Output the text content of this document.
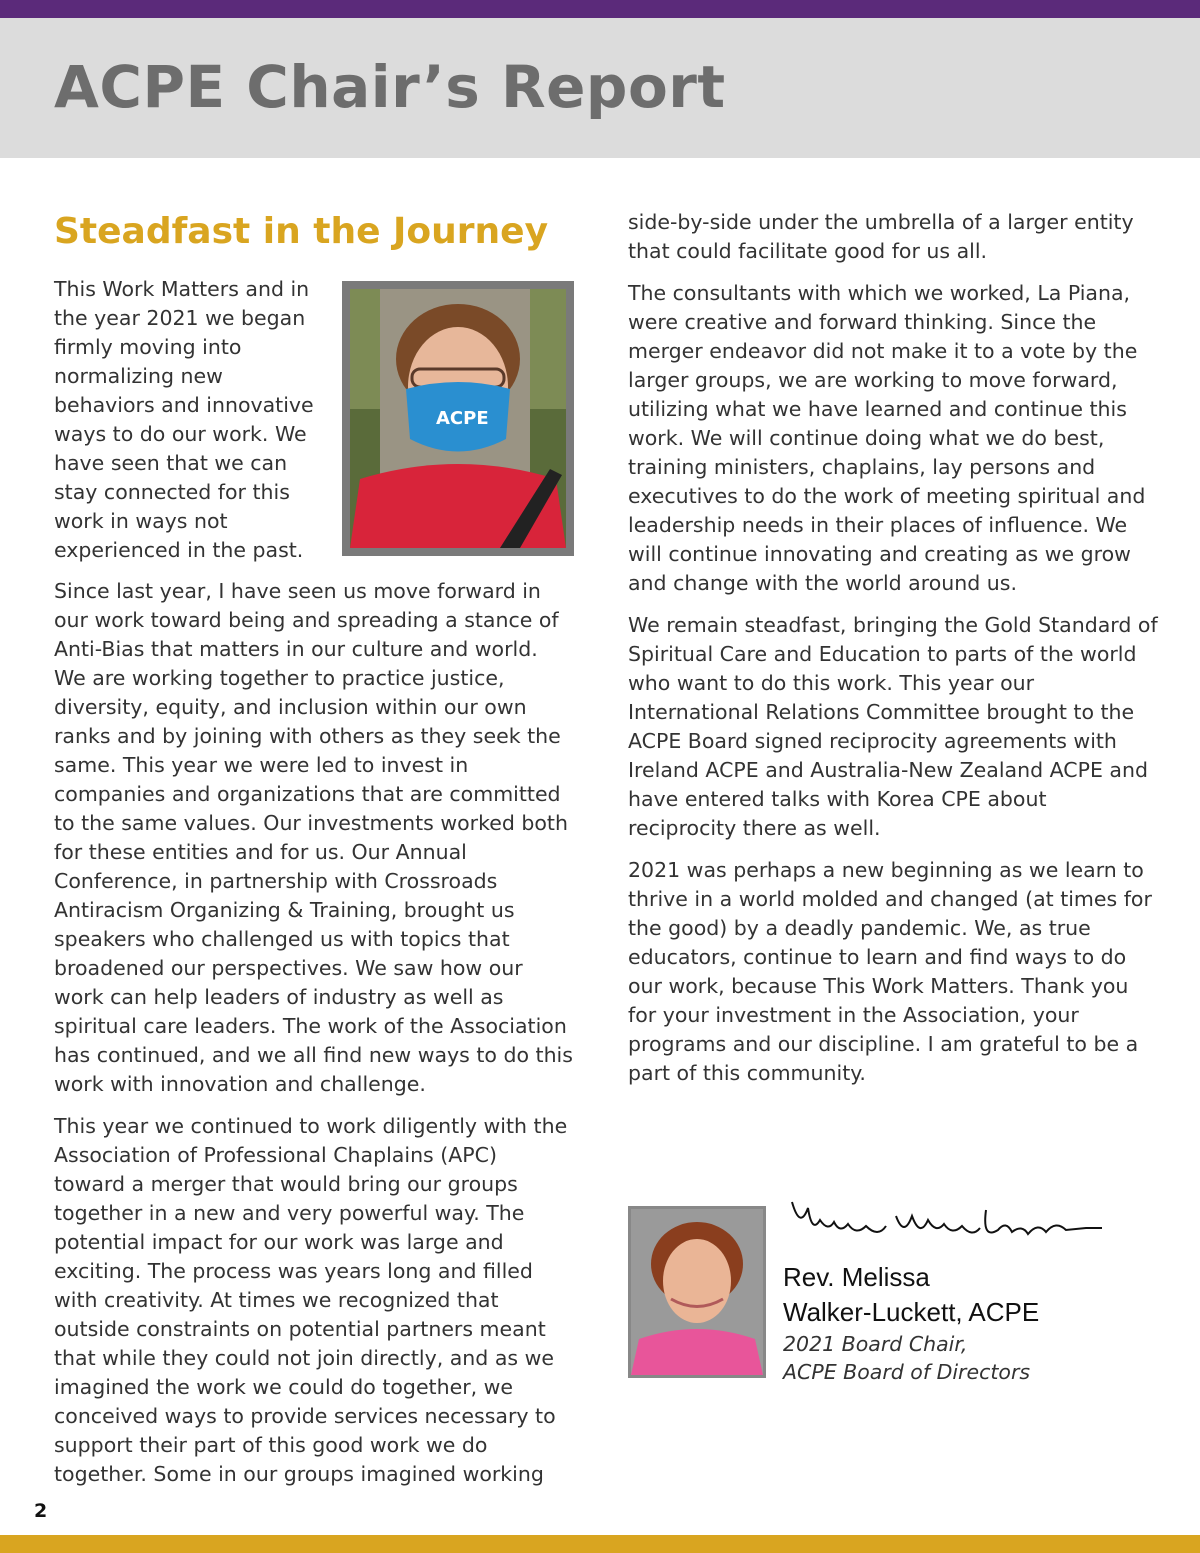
ACPE Chair’s Report
Steadfast in the Journey

This Work Matters and in the year 2021 we began firmly moving into normalizing new behaviors and innovative ways to do our work. We have seen that we can stay connected for this work in ways not experienced in the past.

ACPE

Since last year, I have seen us move forward in our work toward being and spreading a stance of Anti-Bias that matters in our culture and world. We are working together to practice justice, diversity, equity, and inclusion within our own ranks and by joining with others as they seek the same. This year we were led to invest in companies and organizations that are committed to the same values. Our investments worked both for these entities and for us. Our Annual Conference, in partnership with Crossroads Antiracism Organizing & Training, brought us speakers who challenged us with topics that broadened our perspectives. We saw how our work can help leaders of industry as well as spiritual care leaders. The work of the Association has continued, and we all find new ways to do this work with innovation and challenge.

This year we continued to work diligently with the Association of Professional Chaplains (APC) toward a merger that would bring our groups together in a new and very powerful way. The potential impact for our work was large and exciting. The process was years long and filled with creativity. At times we recognized that outside constraints on potential partners meant that while they could not join directly, and as we imagined the work we could do together, we conceived ways to provide services necessary to support their part of this good work we do together. Some in our groups imagined working

side-by-side under the umbrella of a larger entity that could facilitate good for us all.

The consultants with which we worked, La Piana, were creative and forward thinking. Since the merger endeavor did not make it to a vote by the larger groups, we are working to move forward, utilizing what we have learned and continue this work. We will continue doing what we do best, training ministers, chaplains, lay persons and executives to do the work of meeting spiritual and leadership needs in their places of influence. We will continue innovating and creating as we grow and change with the world around us.

We remain steadfast, bringing the Gold Standard of Spiritual Care and Education to parts of the world who want to do this work. This year our International Relations Committee brought to the ACPE Board signed reciprocity agreements with Ireland ACPE and Australia-New Zealand ACPE and have entered talks with Korea CPE about reciprocity there as well.

2021 was perhaps a new beginning as we learn to thrive in a world molded and changed (at times for the good) by a deadly pandemic. We, as true educators, continue to learn and find ways to do our work, because This Work Matters. Thank you for your investment in the Association, your programs and our discipline. I am grateful to be a part of this community.

Rev. Melissa
Walker-Luckett, ACPE
2021 Board Chair,
ACPE Board of Directors
2
